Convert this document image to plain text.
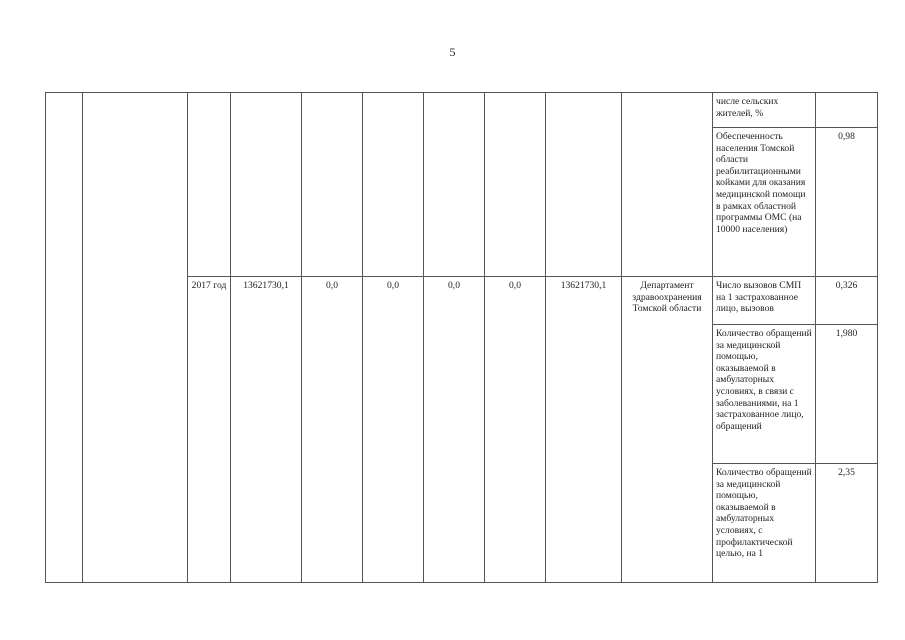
5
										числе сельских жителей, %	
										Обеспеченность населения Томской области реабилитационными койками для оказания медицинской помощи в рамках областной программы ОМС (на 10000 населения)	0,98
		2017 год	13621730,1	0,0	0,0	0,0	0,0	13621730,1	Департамент здравоохранения Томской области	Число вызовов СМП на 1 застрахованное лицо, вызовов	0,326
										Количество обращений за медицинской помощью, оказываемой в амбулаторных условиях, в связи с заболеваниями, на 1 застрахованное лицо, обращений	1,980
										Количество обращений за медицинской помощью, оказываемой в амбулаторных условиях, с профилактической целью, на 1	2,35
